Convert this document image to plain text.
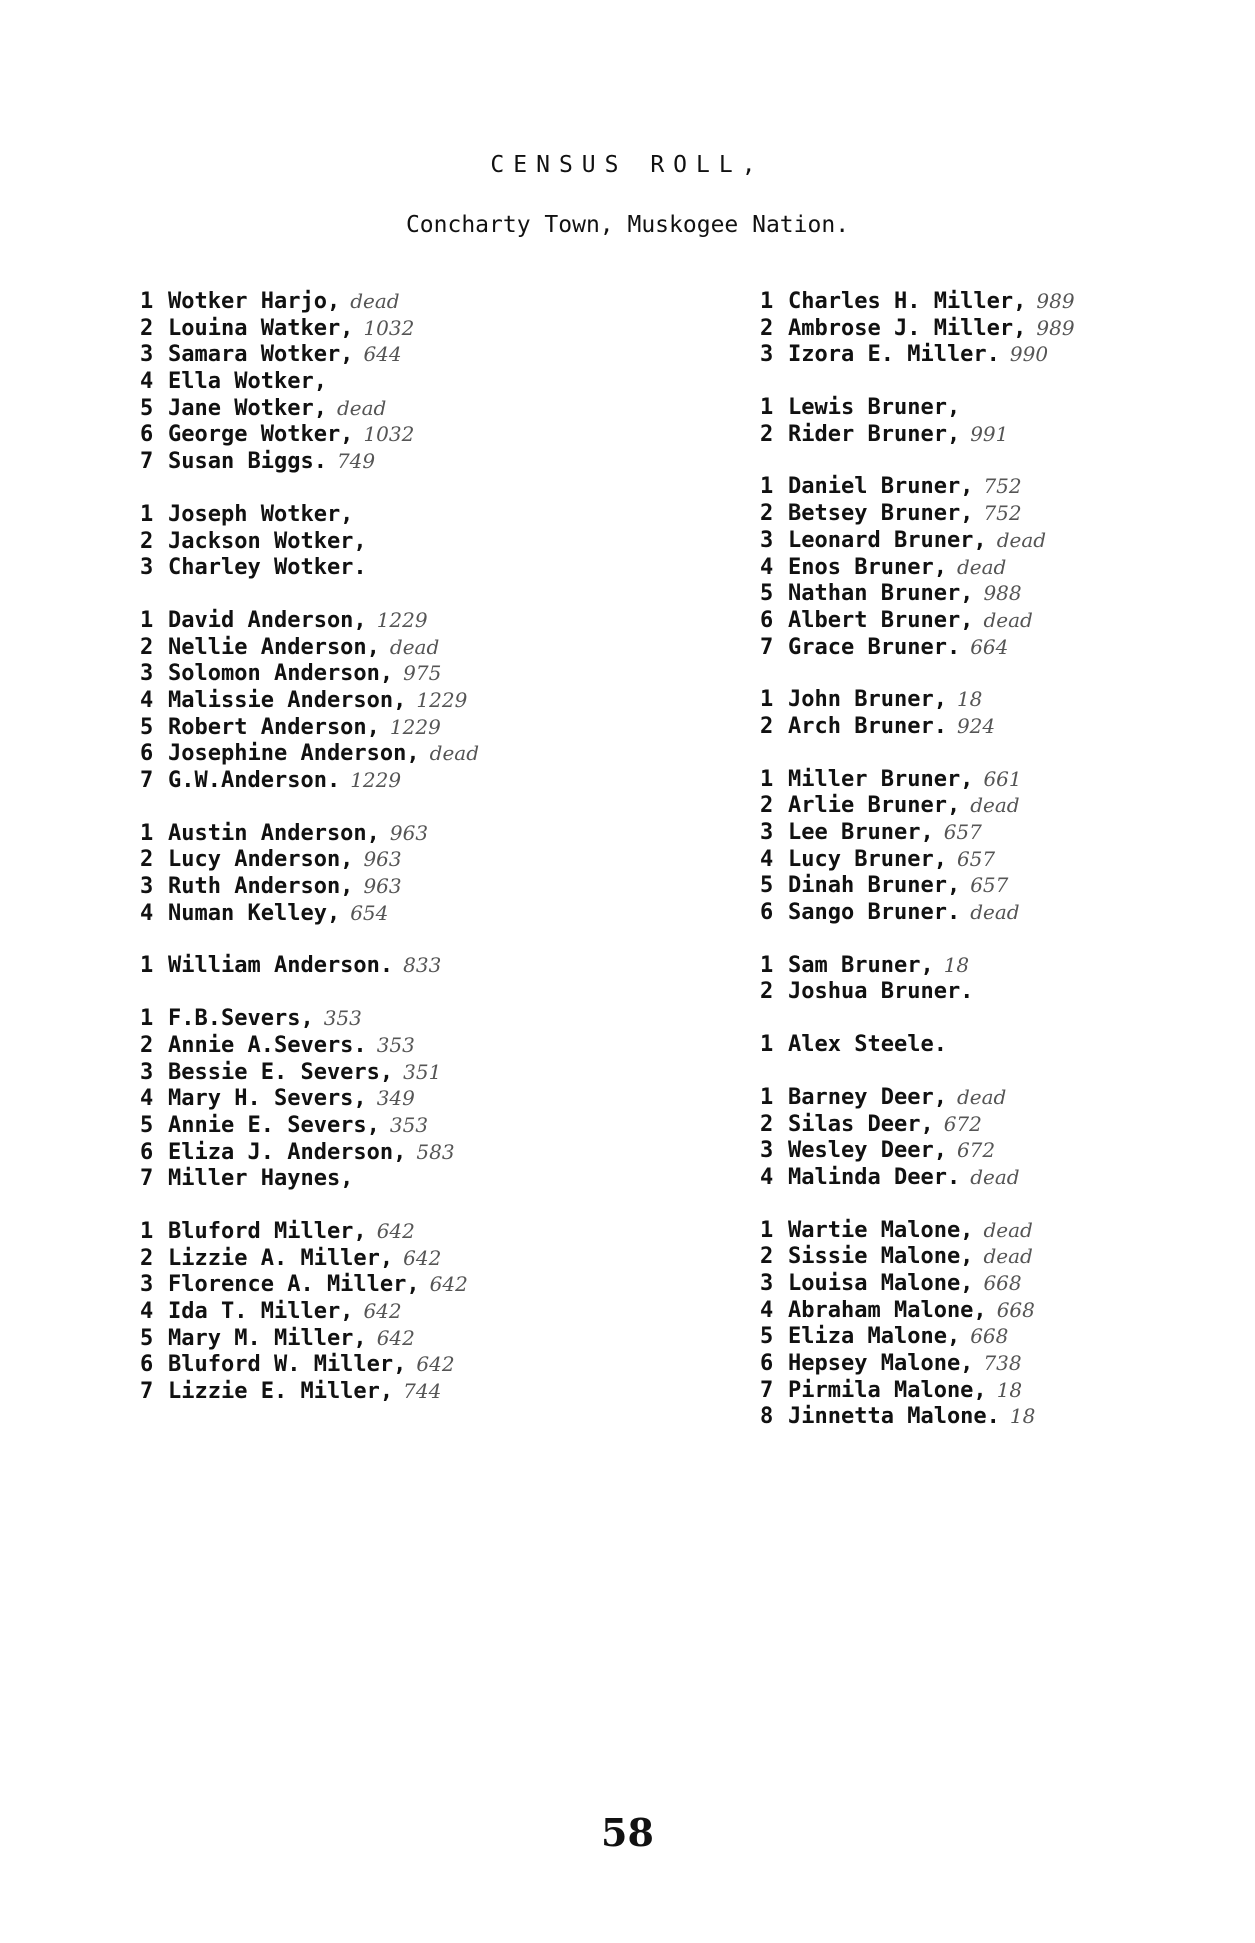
CENSUS ROLL,
Concharty Town, Muskogee Nation.
1 Wotker Harjo, dead
2 Louina Watker, 1032
3 Samara Wotker, 644
4 Ella Wotker,
5 Jane Wotker, dead
6 George Wotker, 1032
7 Susan Biggs. 749
1 Joseph Wotker,
2 Jackson Wotker,
3 Charley Wotker.
1 David Anderson, 1229
2 Nellie Anderson, dead
3 Solomon Anderson, 975
4 Malissie Anderson, 1229
5 Robert Anderson, 1229
6 Josephine Anderson, dead
7 G.W.Anderson. 1229
1 Austin Anderson, 963
2 Lucy Anderson, 963
3 Ruth Anderson, 963
4 Numan Kelley, 654
1 William Anderson. 833
1 F.B.Severs, 353
2 Annie A.Severs. 353
3 Bessie E. Severs, 351
4 Mary H. Severs, 349
5 Annie E. Severs, 353
6 Eliza J. Anderson, 583
7 Miller Haynes,
1 Bluford Miller, 642
2 Lizzie A. Miller, 642
3 Florence A. Miller, 642
4 Ida T. Miller, 642
5 Mary M. Miller, 642
6 Bluford W. Miller, 642
7 Lizzie E. Miller, 744
1 Charles H. Miller, 989
2 Ambrose J. Miller, 989
3 Izora E. Miller. 990
1 Lewis Bruner,
2 Rider Bruner, 991
1 Daniel Bruner, 752
2 Betsey Bruner, 752
3 Leonard Bruner, dead
4 Enos Bruner, dead
5 Nathan Bruner, 988
6 Albert Bruner, dead
7 Grace Bruner. 664
1 John Bruner, 18
2 Arch Bruner. 924
1 Miller Bruner, 661
2 Arlie Bruner, dead
3 Lee Bruner, 657
4 Lucy Bruner, 657
5 Dinah Bruner, 657
6 Sango Bruner. dead
1 Sam Bruner, 18
2 Joshua Bruner.
1 Alex Steele.
1 Barney Deer, dead
2 Silas Deer, 672
3 Wesley Deer, 672
4 Malinda Deer. dead
1 Wartie Malone, dead
2 Sissie Malone, dead
3 Louisa Malone, 668
4 Abraham Malone, 668
5 Eliza Malone, 668
6 Hepsey Malone, 738
7 Pirmila Malone, 18
8 Jinnetta Malone. 18
58
